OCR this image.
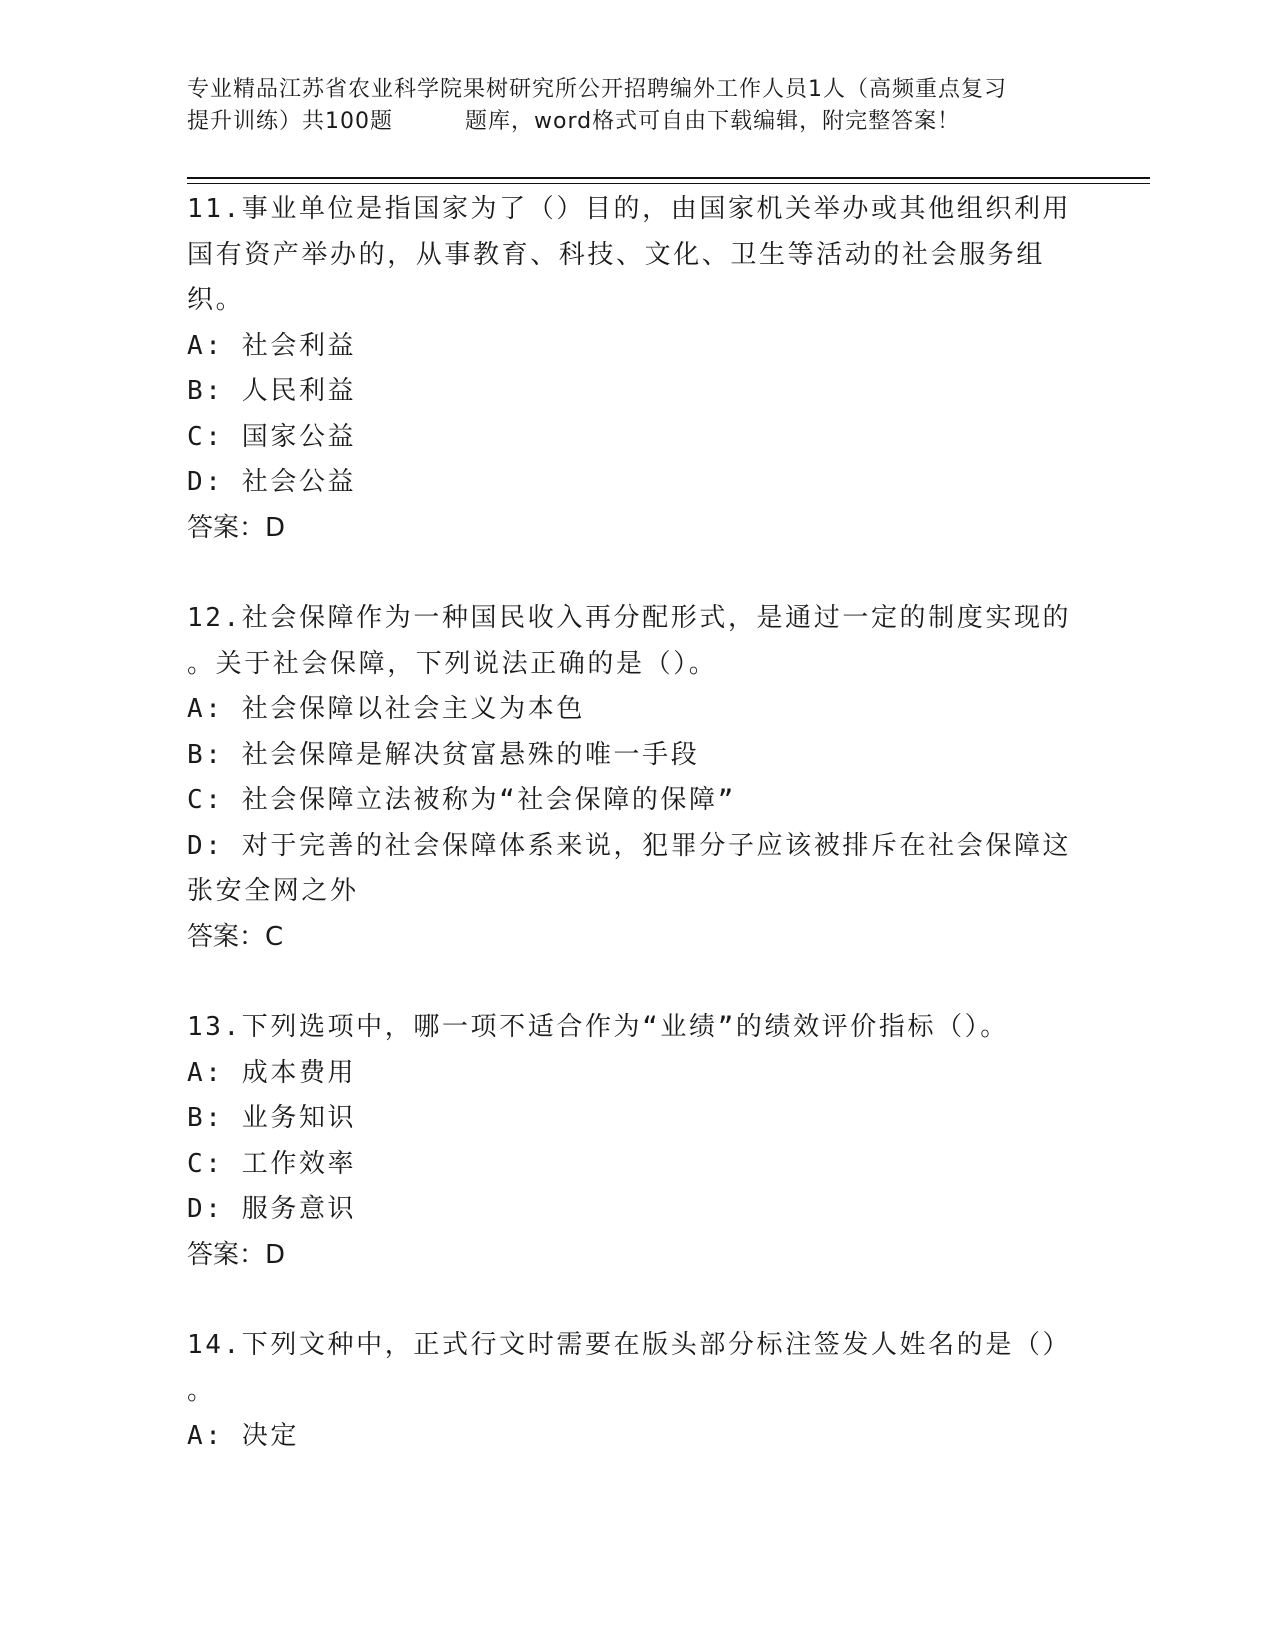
专业精品江苏省农业科学院果树研究所公开招聘编外工作人员1人（高频重点复习
提升训练）共100题	题库，word格式可自由下载编辑，附完整答案！
11.事业单位是指国家为了（）目的，由国家机关举办或其他组织利用
国有资产举办的，从事教育、科技、文化、卫生等活动的社会服务组
织。
A: 社会利益
B: 人民利益
C: 国家公益
D: 社会公益
答案：D
12.社会保障作为一种国民收入再分配形式，是通过一定的制度实现的
。关于社会保障，下列说法正确的是（）。
A: 社会保障以社会主义为本色
B: 社会保障是解决贫富悬殊的唯一手段
C: 社会保障立法被称为“社会保障的保障”
D: 对于完善的社会保障体系来说，犯罪分子应该被排斥在社会保障这
张安全网之外
答案：C
13.下列选项中，哪一项不适合作为“业绩”的绩效评价指标（）。
A: 成本费用
B: 业务知识
C: 工作效率
D: 服务意识
答案：D
14.下列文种中，正式行文时需要在版头部分标注签发人姓名的是（）
。
A: 决定
